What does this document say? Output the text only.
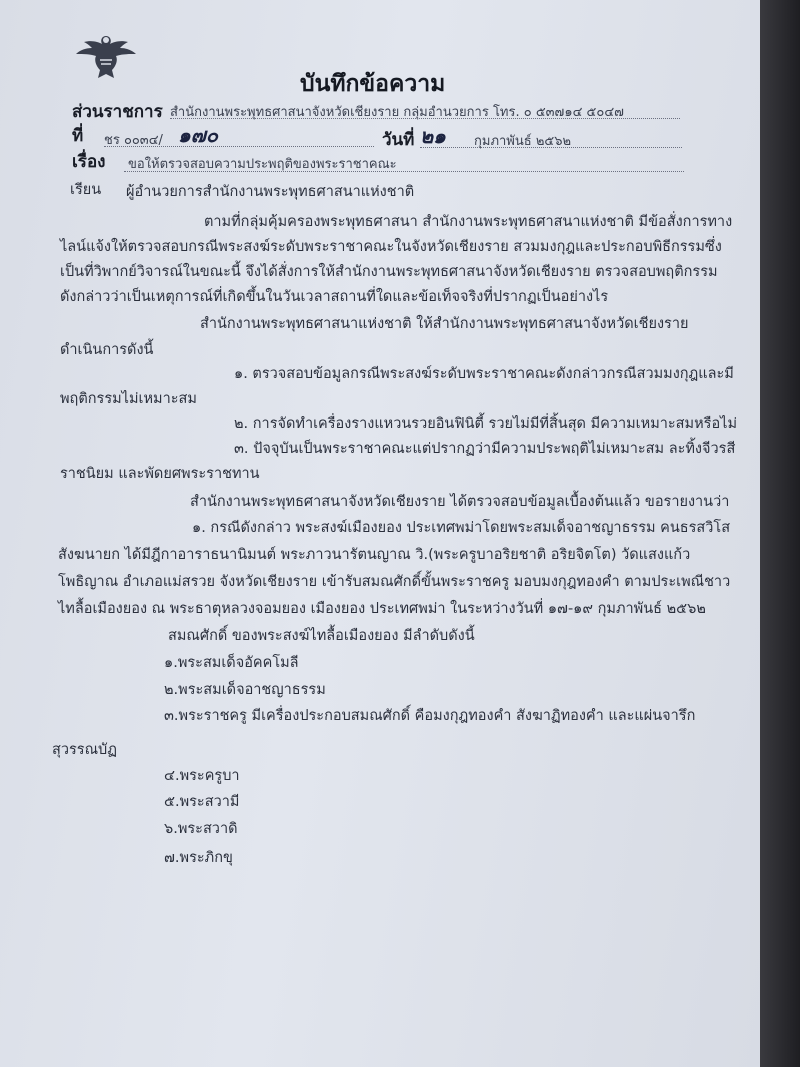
บันทึกข้อความ
ส่วนราชการ สำนักงานพระพุทธศาสนาจังหวัดเชียงราย กลุ่มอำนวยการ โทร. ๐ ๕๓๗๑๔ ๕๐๔๗
ที่ ชร ๐๐๓๔/ ๑๗๐	วันที่ ๒๑ กุมภาพันธ์ ๒๕๖๒
เรื่อง ขอให้ตรวจสอบความประพฤติของพระราชาคณะ
เรียน ผู้อำนวยการสำนักงานพระพุทธศาสนาแห่งชาติ
ตามที่กลุ่มคุ้มครองพระพุทธศาสนา สำนักงานพระพุทธศาสนาแห่งชาติ มีข้อสั่งการทาง
ไลน์แจ้งให้ตรวจสอบกรณีพระสงฆ์ระดับพระราชาคณะในจังหวัดเชียงราย สวมมงกุฎและประกอบพิธีกรรมซึ่ง
เป็นที่วิพากย์วิจารณ์ในขณะนี้ จึงได้สั่งการให้สำนักงานพระพุทธศาสนาจังหวัดเชียงราย ตรวจสอบพฤติกรรม
ดังกล่าวว่าเป็นเหตุการณ์ที่เกิดขึ้นในวันเวลาสถานที่ใดและข้อเท็จจริงที่ปรากฏเป็นอย่างไร
สำนักงานพระพุทธศาสนาแห่งชาติ ให้สำนักงานพระพุทธศาสนาจังหวัดเชียงราย
ดำเนินการดังนี้
๑. ตรวจสอบข้อมูลกรณีพระสงฆ์ระดับพระราชาคณะดังกล่าวกรณีสวมมงกุฎและมี
พฤติกรรมไม่เหมาะสม
๒. การจัดทำเครื่องรางแหวนรวยอินฟินิตี้ รวยไม่มีที่สิ้นสุด มีความเหมาะสมหรือไม่
๓. ปัจจุบันเป็นพระราชาคณะแต่ปรากฏว่ามีความประพฤติไม่เหมาะสม ละทิ้งจีวรสี
ราชนิยม และพัดยศพระราชทาน
สำนักงานพระพุทธศาสนาจังหวัดเชียงราย ได้ตรวจสอบข้อมูลเบื้องต้นแล้ว ขอรายงานว่า
๑. กรณีดังกล่าว พระสงฆ์เมืองยอง ประเทศพม่าโดยพระสมเด็จอาชญาธรรม คนธรสวิโส
สังฆนายก ได้มีฎีกาอาราธนานิมนต์ พระภาวนารัตนญาณ วิ.(พระครูบาอริยชาติ อริยจิตโต) วัดแสงแก้ว
โพธิญาณ อำเภอแม่สรวย จังหวัดเชียงราย เข้ารับสมณศักดิ์ขั้นพระราชครู มอบมงกุฎทองคำ ตามประเพณีชาว
ไทลื้อเมืองยอง ณ พระธาตุหลวงจอมยอง เมืองยอง ประเทศพม่า ในระหว่างวันที่ ๑๗-๑๙ กุมภาพันธ์ ๒๕๖๒
สมณศักดิ์ ของพระสงฆ์ไทลื้อเมืองยอง มีลำดับดังนี้
๑.พระสมเด็จอัคคโมลี
๒.พระสมเด็จอาชญาธรรม
๓.พระราชครู มีเครื่องประกอบสมณศักดิ์ คือมงกุฎทองคำ สังฆาฏิทองคำ และแผ่นจารึก
สุวรรณบัฏ
๔.พระครูบา
๕.พระสวามี
๖.พระสวาดิ
๗.พระภิกขุ
